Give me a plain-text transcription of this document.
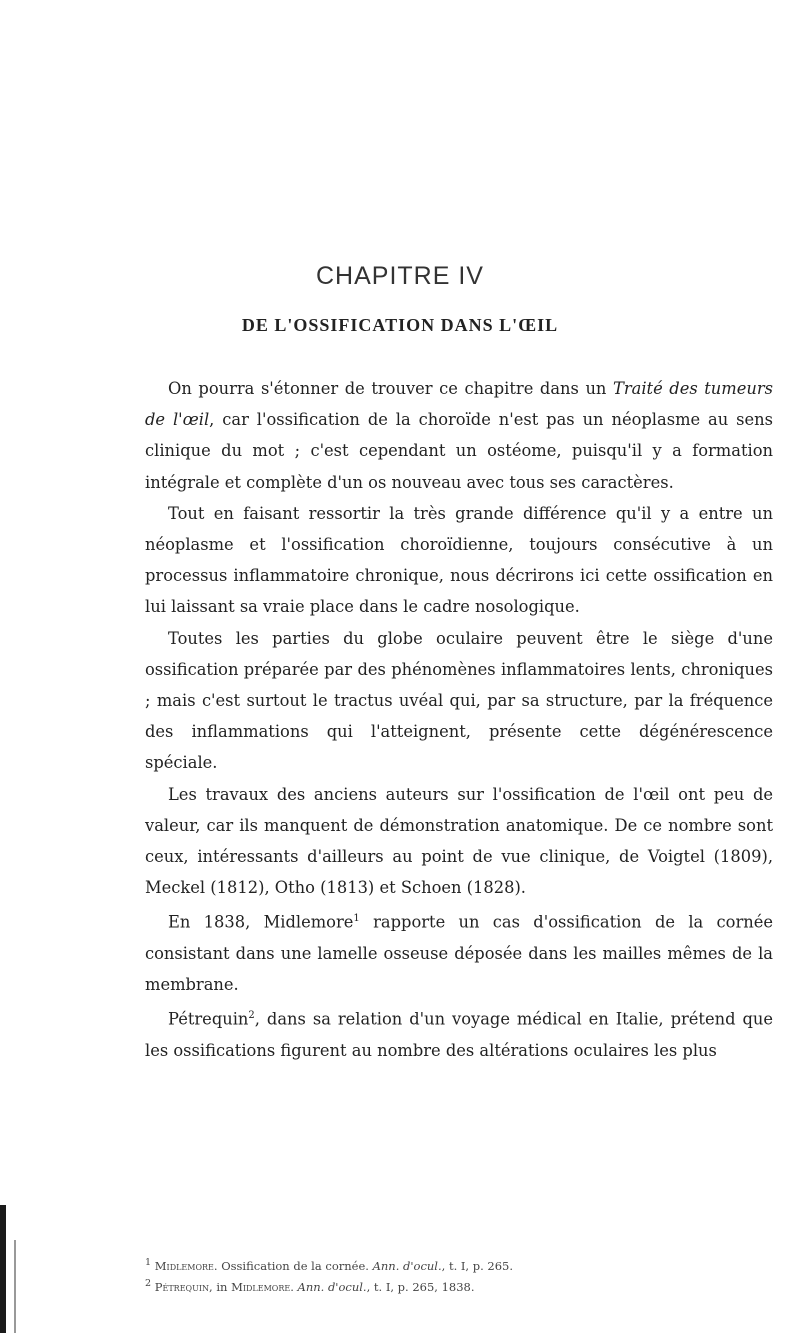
CHAPITRE IV
DE L'OSSIFICATION DANS L'ŒIL

On pourra s'étonner de trouver ce chapitre dans un Traité des tumeurs de l'œil, car l'ossification de la choroïde n'est pas un néoplasme au sens clinique du mot ; c'est cependant un ostéome, puisqu'il y a formation intégrale et complète d'un os nouveau avec tous ses caractères.

Tout en faisant ressortir la très grande différence qu'il y a entre un néoplasme et l'ossification choroïdienne, toujours consécutive à un processus inflammatoire chronique, nous décrirons ici cette ossification en lui laissant sa vraie place dans le cadre nosologique.

Toutes les parties du globe oculaire peuvent être le siège d'une ossification préparée par des phénomènes inflammatoires lents, chroniques ; mais c'est surtout le tractus uvéal qui, par sa structure, par la fréquence des inflammations qui l'atteignent, présente cette dégénérescence spéciale.

Les travaux des anciens auteurs sur l'ossification de l'œil ont peu de valeur, car ils manquent de démonstration anatomique. De ce nombre sont ceux, intéressants d'ailleurs au point de vue clinique, de Voigtel (1809), Meckel (1812), Otho (1813) et Schoen (1828).

En 1838, Midlemore$^1$ rapporte un cas d'ossification de la cornée consistant dans une lamelle osseuse déposée dans les mailles mêmes de la membrane.

Pétrequin$^2$, dans sa relation d'un voyage médical en Italie, prétend que les ossifications figurent au nombre des altérations oculaires les plus

$^1$ Midlemore. Ossification de la cornée. Ann. d'ocul., t. I, p. 265.
$^2$ Pétrequin, in Midlemore. Ann. d'ocul., t. I, p. 265, 1838.
